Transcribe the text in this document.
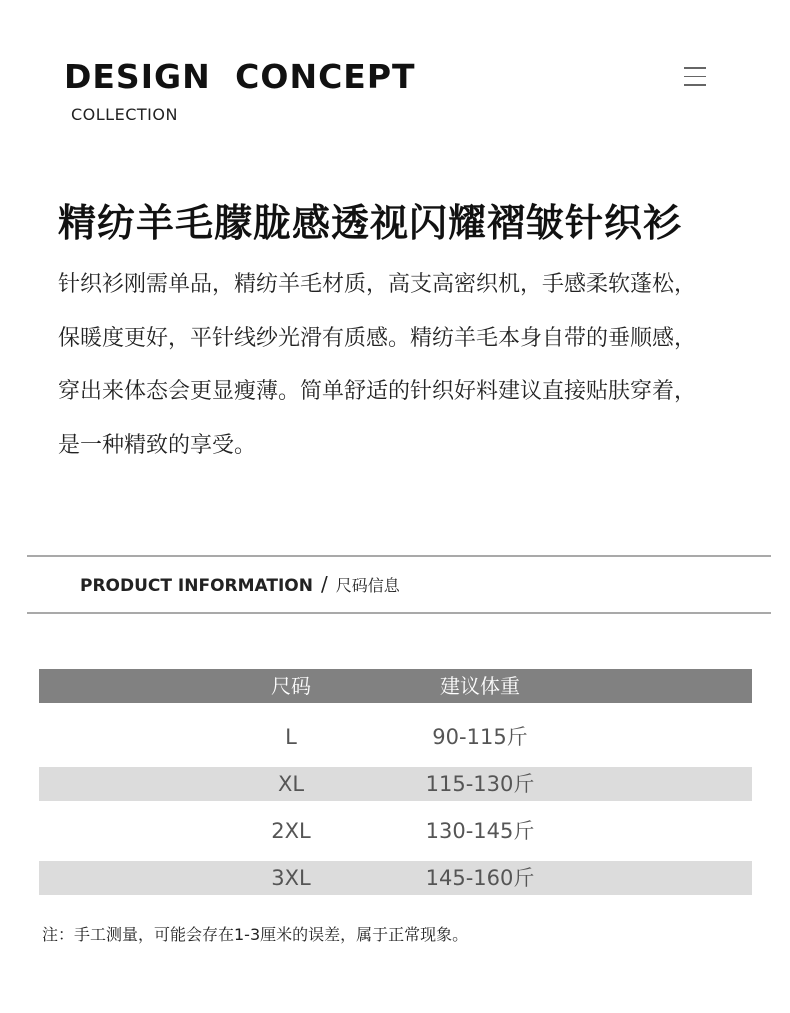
DESIGN CONCEPT
COLLECTION
精纺羊毛朦胧感透视闪耀褶皱针织衫
针织衫刚需单品，精纺羊毛材质，高支高密织机，手感柔软蓬松，
保暖度更好，平针线纱光滑有质感。精纺羊毛本身自带的垂顺感，
穿出来体态会更显瘦薄。简单舒适的针织好料建议直接贴肤穿着，
是一种精致的享受。
PRODUCT INFORMATION / 尺码信息
尺码	建议体重
L	90-115斤
XL	115-130斤
2XL	130-145斤
3XL	145-160斤
注：手工测量，可能会存在1-3厘米的误差，属于正常现象。
